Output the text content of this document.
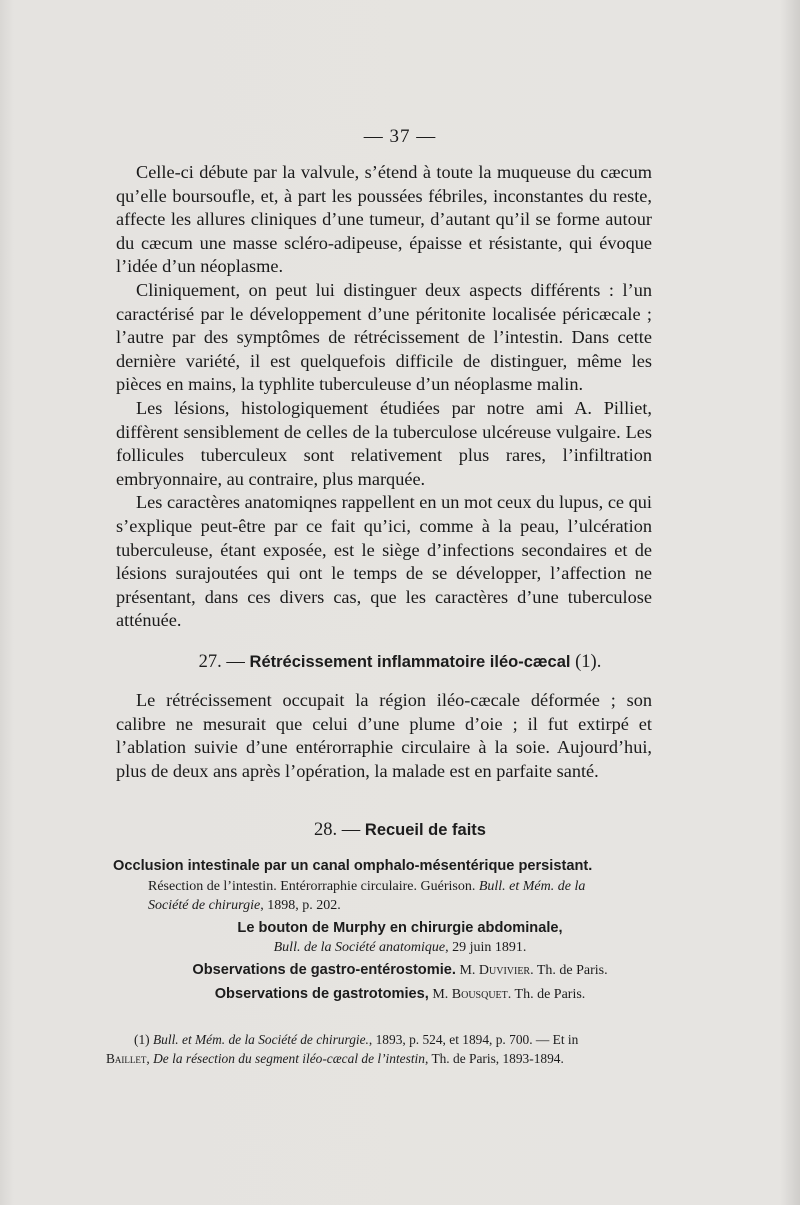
— 37 —

Celle-ci débute par la valvule, s’étend à toute la muqueuse du cæcum qu’elle boursoufle, et, à part les poussées fébriles, inconstantes du reste, affecte les allures cliniques d’une tumeur, d’autant qu’il se forme autour du cæcum une masse scléro-adipeuse, épaisse et résistante, qui évoque l’idée d’un néoplasme.

Cliniquement, on peut lui distinguer deux aspects différents : l’un caractérisé par le développement d’une péritonite localisée péricæcale ; l’autre par des symptômes de rétrécissement de l’intestin. Dans cette dernière variété, il est quelquefois difficile de distinguer, même les pièces en mains, la typhlite tuberculeuse d’un néoplasme malin.

Les lésions, histologiquement étudiées par notre ami A. Pilliet, diffèrent sensiblement de celles de la tuberculose ulcéreuse vulgaire. Les follicules tuberculeux sont relativement plus rares, l’infiltration embryonnaire, au contraire, plus marquée.

Les caractères anatomiqnes rappellent en un mot ceux du lupus, ce qui s’explique peut-être par ce fait qu’ici, comme à la peau, l’ulcération tuberculeuse, étant exposée, est le siège d’infections secondaires et de lésions surajoutées qui ont le temps de se développer, l’affection ne présentant, dans ces divers cas, que les caractères d’une tuberculose atténuée.

27. — Rétrécissement inflammatoire iléo-cæcal (1).

Le rétrécissement occupait la région iléo-cæcale déformée ; son calibre ne mesurait que celui d’une plume d’oie ; il fut extirpé et l’ablation suivie d’une entérorraphie circulaire à la soie. Aujourd’hui, plus de deux ans après l’opération, la malade est en parfaite santé.

28. — Recueil de faits
Occlusion intestinale par un canal omphalo-mésentérique persistant.
Résection de l’intestin. Entérorraphie circulaire. Guérison. Bull. et Mém. de la
Société de chirurgie, 1898, p. 202.
Le bouton de Murphy en chirurgie abdominale,
Bull. de la Société anatomique, 29 juin 1891.
Observations de gastro-entérostomie. M. Duvivier. Th. de Paris.
Observations de gastrotomies, M. Bousquet. Th. de Paris.
(1) Bull. et Mém. de la Société de chirurgie., 1893, p. 524, et 1894, p. 700. — Et in
Baillet, De la résection du segment iléo-cæcal de l’intestin, Th. de Paris, 1893-1894.
